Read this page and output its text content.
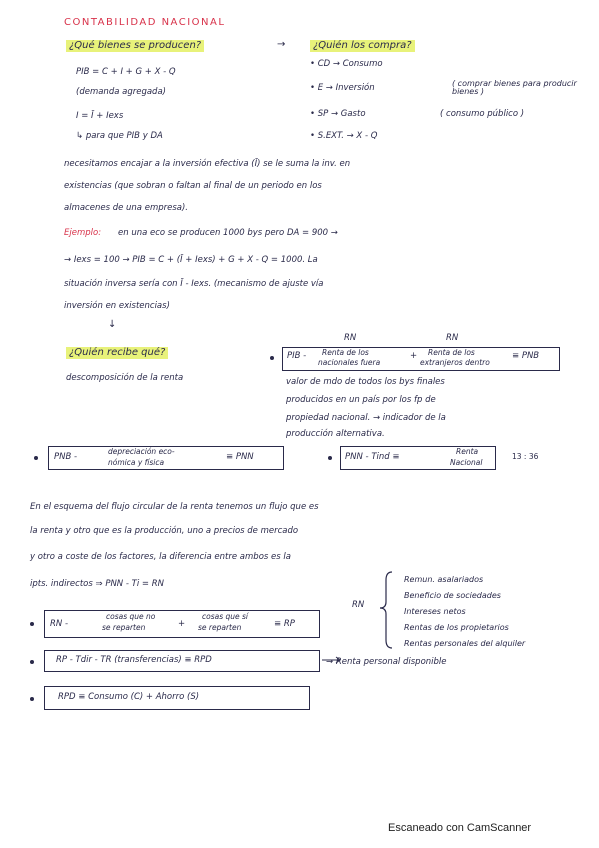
CONTABILIDAD NACIONAL
¿Qué bienes se producen?	→	¿Quién los compra?
PIB = C + I + G + X - Q
(demanda agregada)
I = Ī + Iexs
↳ para que PIB y DA
• CD → Consumo
• E → Inversión	( comprar bienes para producir bienes )
• SP → Gasto	( consumo público )
• S.EXT. → X - Q
necesitamos encajar a la inversión efectiva (Ī) se le suma la inv. en
existencias (que sobran o faltan al final de un periodo en los
almacenes de una empresa).
Ejemplo: en una eco se producen 1000 bys pero DA = 900 →
→ Iexs = 100 → PIB = C + (Ī + Iexs) + G + X - Q = 1000. La
situación inversa sería con Ī - Iexs. (mecanismo de ajuste vía
inversión en existencias)
↓
¿Quién recibe qué?
descomposición de la renta
RN	RN
PIB - Renta de los
nacionales fuera
+ Renta de los
extranjeros dentro
≡ PNB
valor de mdo de todos los bys finales
producidos en un país por los fp de
propiedad nacional. → indicador de la
producción alternativa.
PNB -
depreciación eco-
nómica y física
≡ PNN	PNN - Tind ≡
Renta
Nacional
13 : 36
En el esquema del flujo circular de la renta tenemos un flujo que es
la renta y otro que es la producción, uno a precios de mercado
y otro a coste de los factores, la diferencia entre ambos es la
ipts. indirectos ⇒ PNN - Ti = RN
RN
Remun. asalariados
Beneficio de sociedades
Intereses netos
Rentas de los propietarios
Rentas personales del alquiler
RN -
cosas que no
se reparten	+
cosas que sí
se reparten	≡ RP
RP - Tdir - TR (transferencias) ≡ RPD	→ Renta personal disponible
RPD ≡ Consumo (C) + Ahorro (S)
Escaneado con CamScanner
